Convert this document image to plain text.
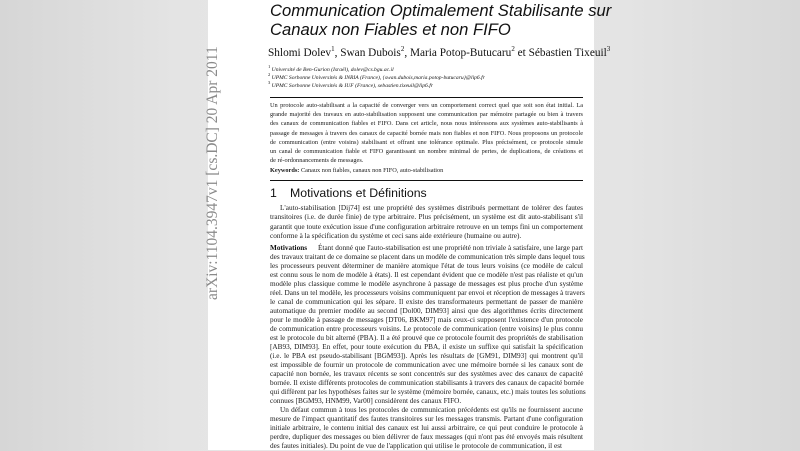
arXiv:1104.3947v1 [cs.DC] 20 Apr 2011
Communication Optimalement Stabilisante sur
Canaux non Fiables et non FIFO
Shlomi Dolev$^1$, Swan Dubois$^2$, Maria Potop-Butucaru$^2$ et Sébastien Tixeuil$^3$
$^1$ Université de Ben-Gurion (Israël), dolev@cs.bgu.ac.il
$^2$ UPMC Sorbonne Universités & INRIA (France), {swan.dubois,maria.potop-butucaru}@lip6.fr
$^3$ UPMC Sorbonne Universités & IUF (France), sebastien.tixeuil@lip6.fr
Un protocole auto-stabilisant a la capacité de converger vers un comportement correct quel que soit son état initial. La
grande majorité des travaux en auto-stabilisation supposent une communication par mémoire partagée ou bien à travers
des canaux de communication fiables et FIFO. Dans cet article, nous nous intéressons aux systèmes auto-stabilisants à
passage de messages à travers des canaux de capacité bornée mais non fiables et non FIFO. Nous proposons un protocole
de communication (entre voisins) stabilisant et offrant une tolérance optimale. Plus précisément, ce protocole simule
un canal de communication fiable et FIFO garantissant un nombre minimal de pertes, de duplications, de créations et
de ré-ordonnancements de messages.
Keywords: Canaux non fiables, canaux non FIFO, auto-stabilisation
1 Motivations et Définitions
L'auto-stabilisation [Dij74] est une propriété des systèmes distribués permettant de tolérer des fautes
transitoires (i.e. de durée finie) de type arbitraire. Plus précisément, un système est dit auto-stabilisant s'il
garantit que toute exécution issue d'une configuration arbitraire retrouve en un temps fini un comportement
conforme à la spécification du système et ceci sans aide extérieure (humaine ou autre).
Motivations Étant donné que l'auto-stabilisation est une propriété non triviale à satisfaire, une large part
des travaux traitant de ce domaine se placent dans un modèle de communication très simple dans lequel tous
les processeurs peuvent déterminer de manière atomique l'état de tous leurs voisins (ce modèle de calcul
est connu sous le nom de modèle à états). Il est cependant évident que ce modèle n'est pas réaliste et qu'un
modèle plus classique comme le modèle asynchrone à passage de messages est plus proche d'un système
réel. Dans un tel modèle, les processeurs voisins communiquent par envoi et réception de messages à travers
le canal de communication qui les sépare. Il existe des transformateurs permettant de passer de manière
automatique du premier modèle au second [Dol00, DIM93] ainsi que des algorithmes écrits directement
pour le modèle à passage de messages [DT06, BKM97] mais ceux-ci supposent l'existence d'un protocole
de communication entre processeurs voisins. Le protocole de communication (entre voisins) le plus connu
est le protocole du bit alterné (PBA). Il a été prouvé que ce protocole fournit des propriétés de stabilisation
[AB93, DIM93]. En effet, pour toute exécution du PBA, il existe un suffixe qui satisfait la spécification
(i.e. le PBA est pseudo-stabilisant [BGM93]). Après les résultats de [GM91, DIM93] qui montrent qu'il
est impossible de fournir un protocole de communication avec une mémoire bornée si les canaux sont de
capacité non bornée, les travaux récents se sont concentrés sur des systèmes avec des canaux de capacité
bornée. Il existe différents protocoles de communication stabilisants à travers des canaux de capacité bornée
qui diffèrent par les hypothèses faites sur le système (mémoire bornée, canaux, etc.) mais toutes les solutions
connues [BGM93, HNM99, Var00] considèrent des canaux FIFO.
Un défaut commun à tous les protocoles de communication précédents est qu'ils ne fournissent aucune
mesure de l'impact quantitatif des fautes transitoires sur les messages transmis. Partant d'une configuration
initiale arbitraire, le contenu initial des canaux est lui aussi arbitraire, ce qui peut conduire le protocole à
perdre, dupliquer des messages ou bien délivrer de faux messages (qui n'ont pas été envoyés mais résultent
des fautes initiales). Du point de vue de l'application qui utilise le protocole de communication, il est
